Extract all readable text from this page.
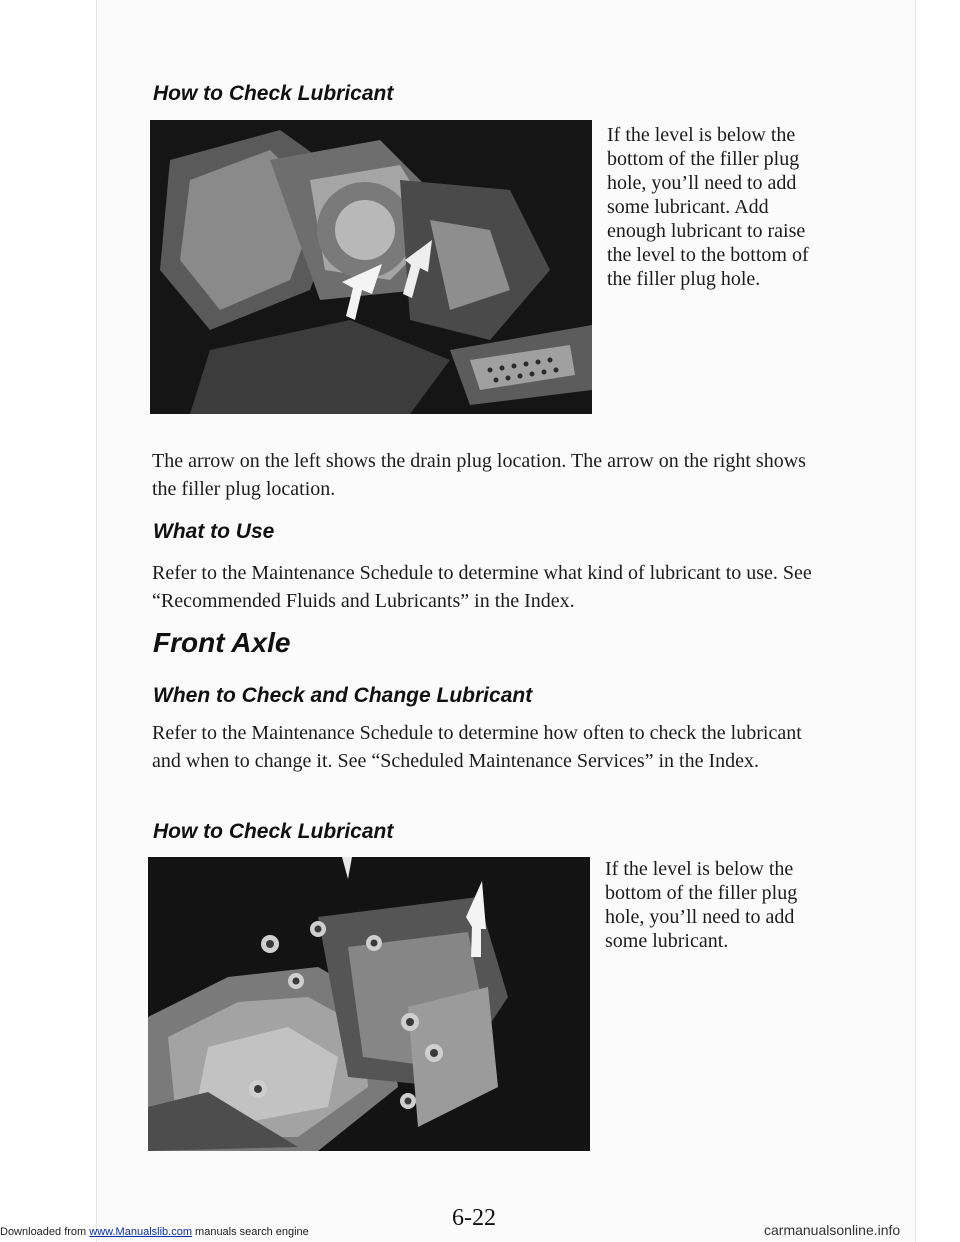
How to Check Lubricant

If the level is below the bottom of the filler plug hole, you’ll need to add some lubricant. Add enough lubricant to raise the level to the bottom of the filler plug hole.

The arrow on the left shows the drain plug location. The arrow on the right shows the filler plug location.

What to Use

Refer to the Maintenance Schedule to determine what kind of lubricant to use. See “Recommended Fluids and Lubricants” in the Index.

Front Axle
When to Check and Change Lubricant

Refer to the Maintenance Schedule to determine how often to check the lubricant and when to change it. See “Scheduled Maintenance Services” in the Index.

How to Check Lubricant

If the level is below the bottom of the filler plug hole, you’ll need to add some lubricant.

6-22
Downloaded from www.Manualslib.com manuals search engine	carmanualsonline.info
